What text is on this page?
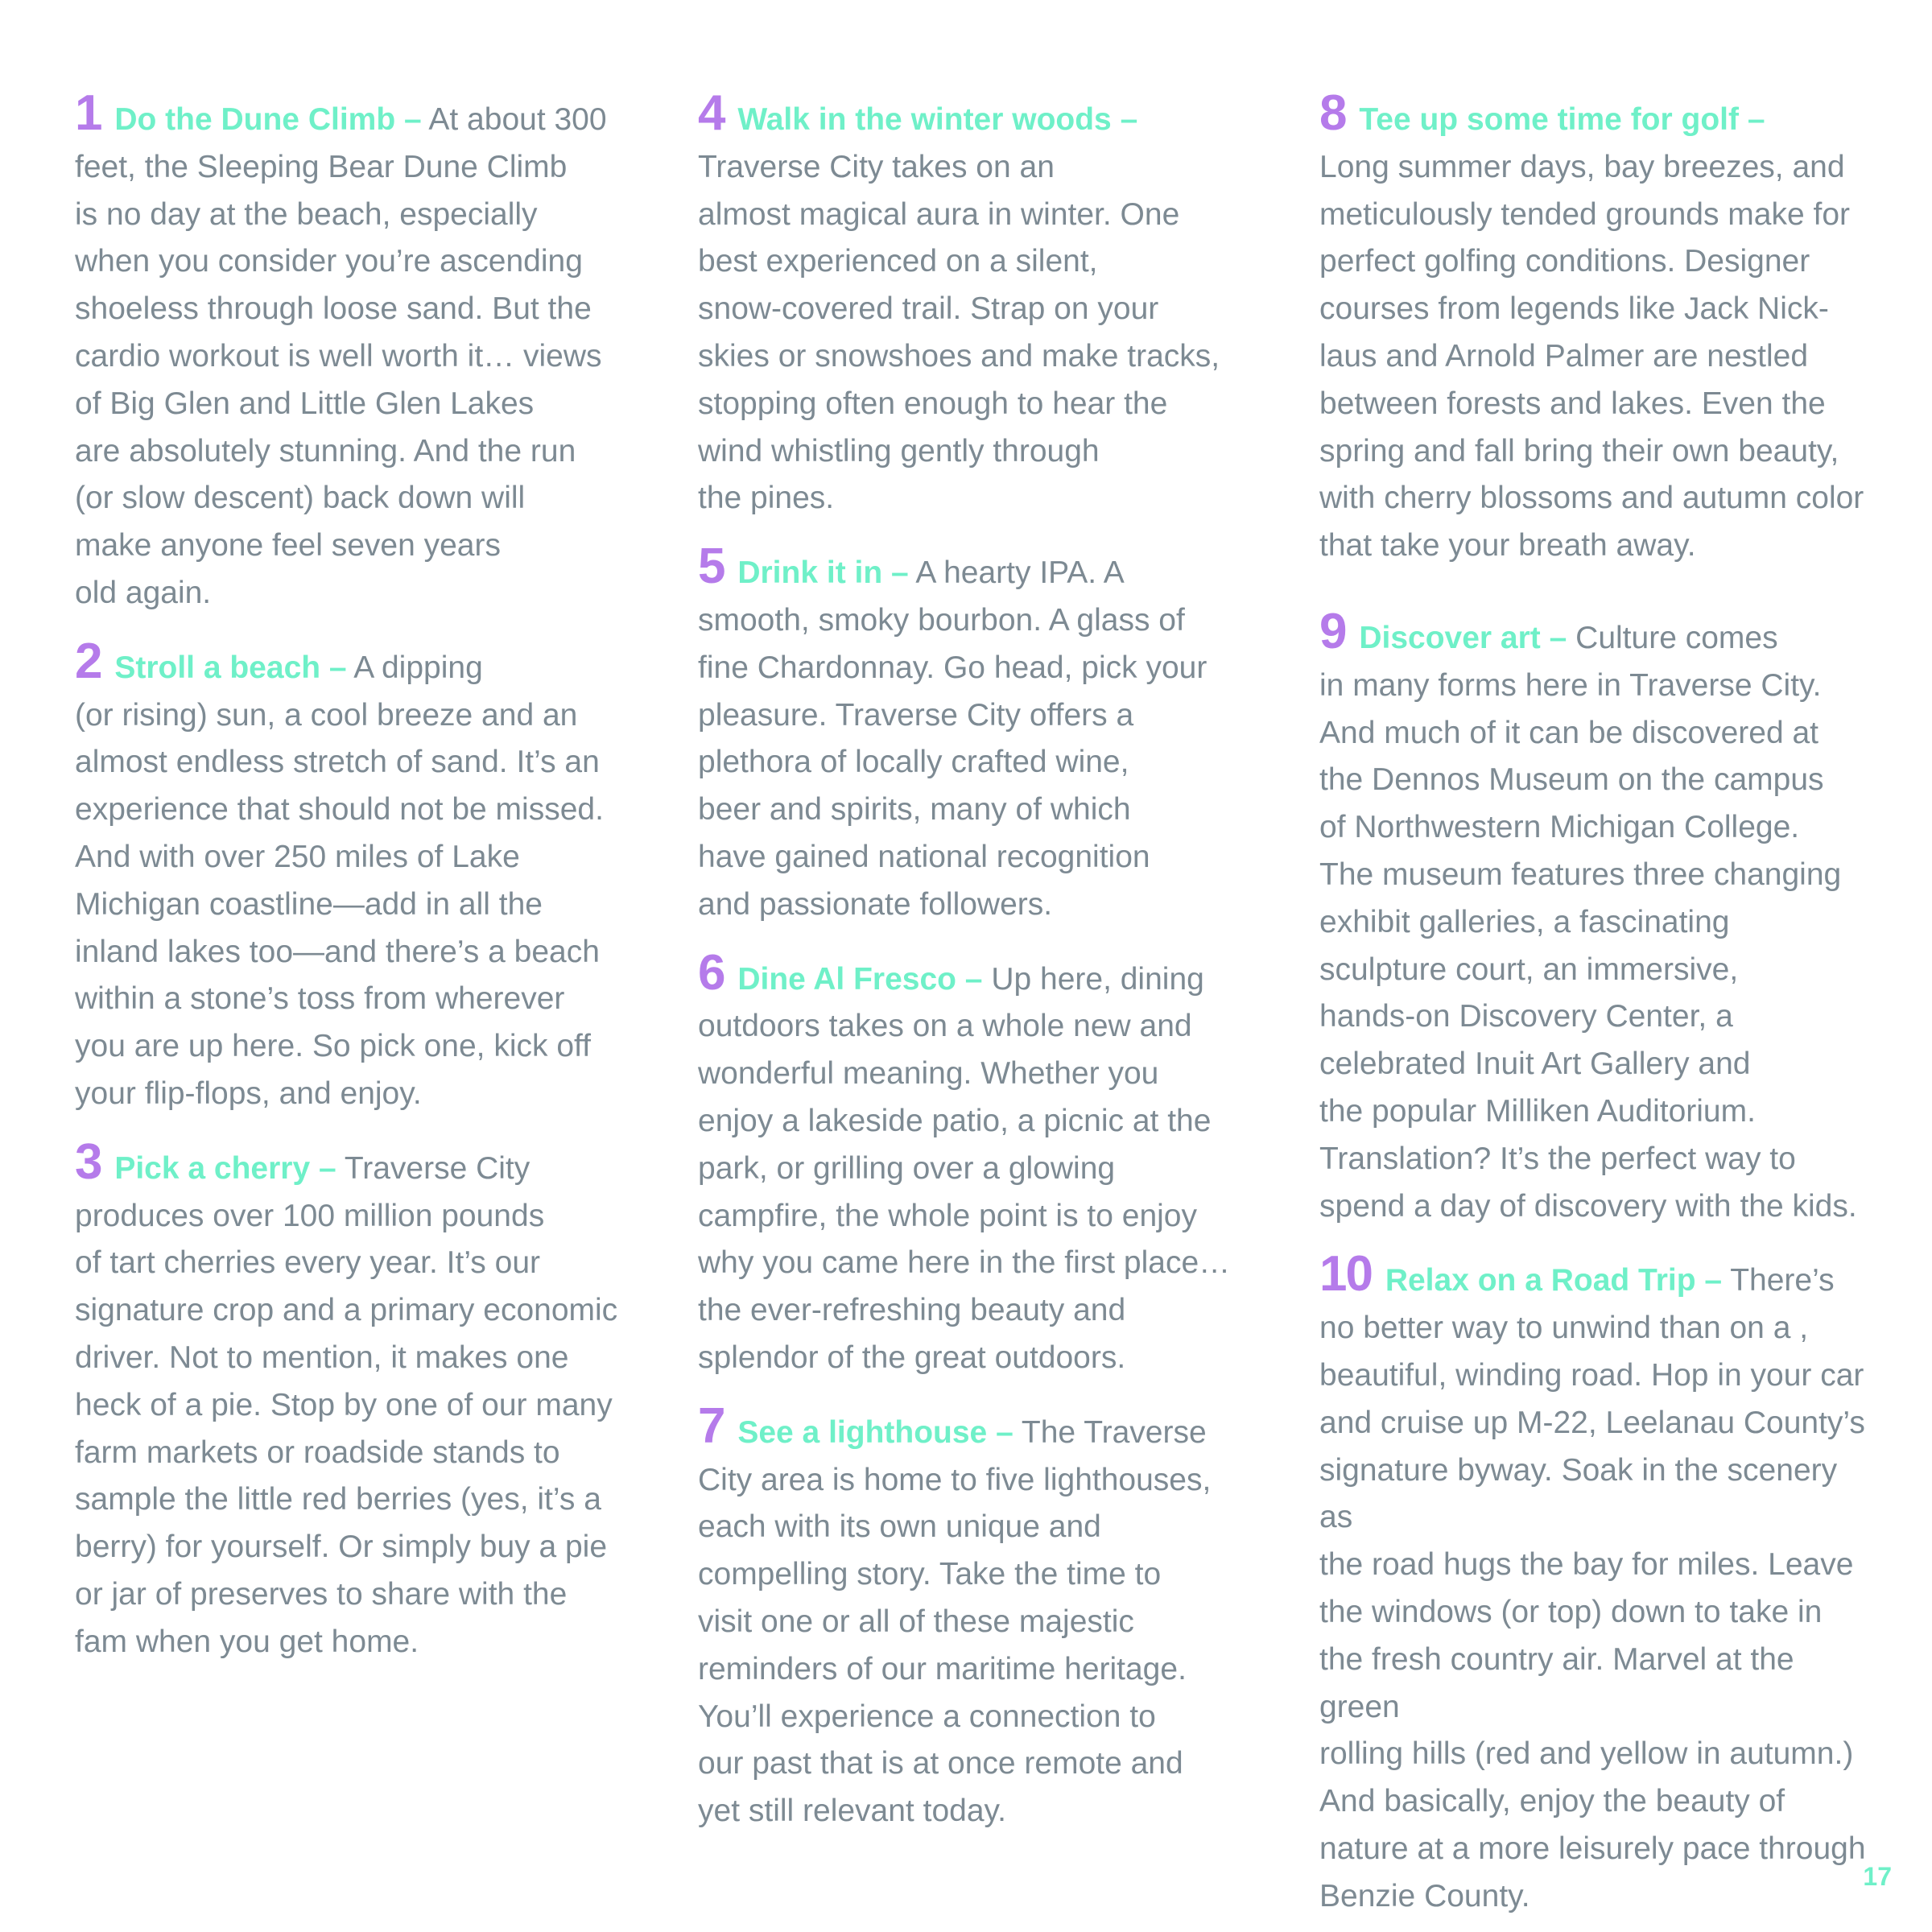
1 Do the Dune Climb – At about 300
feet, the Sleeping Bear Dune Climb
is no day at the beach, especially
when you consider you’re ascending
shoeless through loose sand. But the
cardio workout is well worth it… views
of Big Glen and Little Glen Lakes
are absolutely stunning. And the run
(or slow descent) back down will
make anyone feel seven years
old again.

2 Stroll a beach – A dipping
(or rising) sun, a cool breeze and an
almost endless stretch of sand. It’s an
experience that should not be missed.
And with over 250 miles of Lake
Michigan coastline—add in all the
inland lakes too—and there’s a beach
within a stone’s toss from wherever
you are up here. So pick one, kick off
your flip-flops, and enjoy.

3 Pick a cherry – Traverse City
produces over 100 million pounds
of tart cherries every year. It’s our
signature crop and a primary economic
driver. Not to mention, it makes one
heck of a pie. Stop by one of our many
farm markets or roadside stands to
sample the little red berries (yes, it’s a
berry) for yourself. Or simply buy a pie
or jar of preserves to share with the
fam when you get home.

4 Walk in the winter woods –
Traverse City takes on an
almost magical aura in winter. One
best experienced on a silent,
snow-covered trail. Strap on your
skies or snowshoes and make tracks,
stopping often enough to hear the
wind whistling gently through
the pines.

5 Drink it in – A hearty IPA. A
smooth, smoky bourbon. A glass of
fine Chardonnay. Go head, pick your
pleasure. Traverse City offers a
plethora of locally crafted wine,
beer and spirits, many of which
have gained national recognition
and passionate followers.

6 Dine Al Fresco – Up here, dining
outdoors takes on a whole new and
wonderful meaning. Whether you
enjoy a lakeside patio, a picnic at the
park, or grilling over a glowing
campfire, the whole point is to enjoy
why you came here in the first place…
the ever-refreshing beauty and
splendor of the great outdoors.

7 See a lighthouse – The Traverse
City area is home to five lighthouses,
each with its own unique and
compelling story. Take the time to
visit one or all of these majestic
reminders of our maritime heritage.
You’ll experience a connection to
our past that is at once remote and
yet still relevant today.

8 Tee up some time for golf –
Long summer days, bay breezes, and
meticulously tended grounds make for
perfect golfing conditions. Designer
courses from legends like Jack Nick-
laus and Arnold Palmer are nestled
between forests and lakes. Even the
spring and fall bring their own beauty,
with cherry blossoms and autumn color
that take your breath away.

9 Discover art – Culture comes
in many forms here in Traverse City.
And much of it can be discovered at
the Dennos Museum on the campus
of Northwestern Michigan College.
The museum features three changing
exhibit galleries, a fascinating
sculpture court, an immersive,
hands-on Discovery Center, a
celebrated Inuit Art Gallery and
the popular Milliken Auditorium.
Translation? It’s the perfect way to
spend a day of discovery with the kids.

10 Relax on a Road Trip – There’s
no better way to unwind than on a ,
beautiful, winding road. Hop in your car
and cruise up M-22, Leelanau County’s
signature byway. Soak in the scenery as
the road hugs the bay for miles. Leave
the windows (or top) down to take in
the fresh country air. Marvel at the green
rolling hills (red and yellow in autumn.)
And basically, enjoy the beauty of
nature at a more leisurely pace through
Benzie County.

17
